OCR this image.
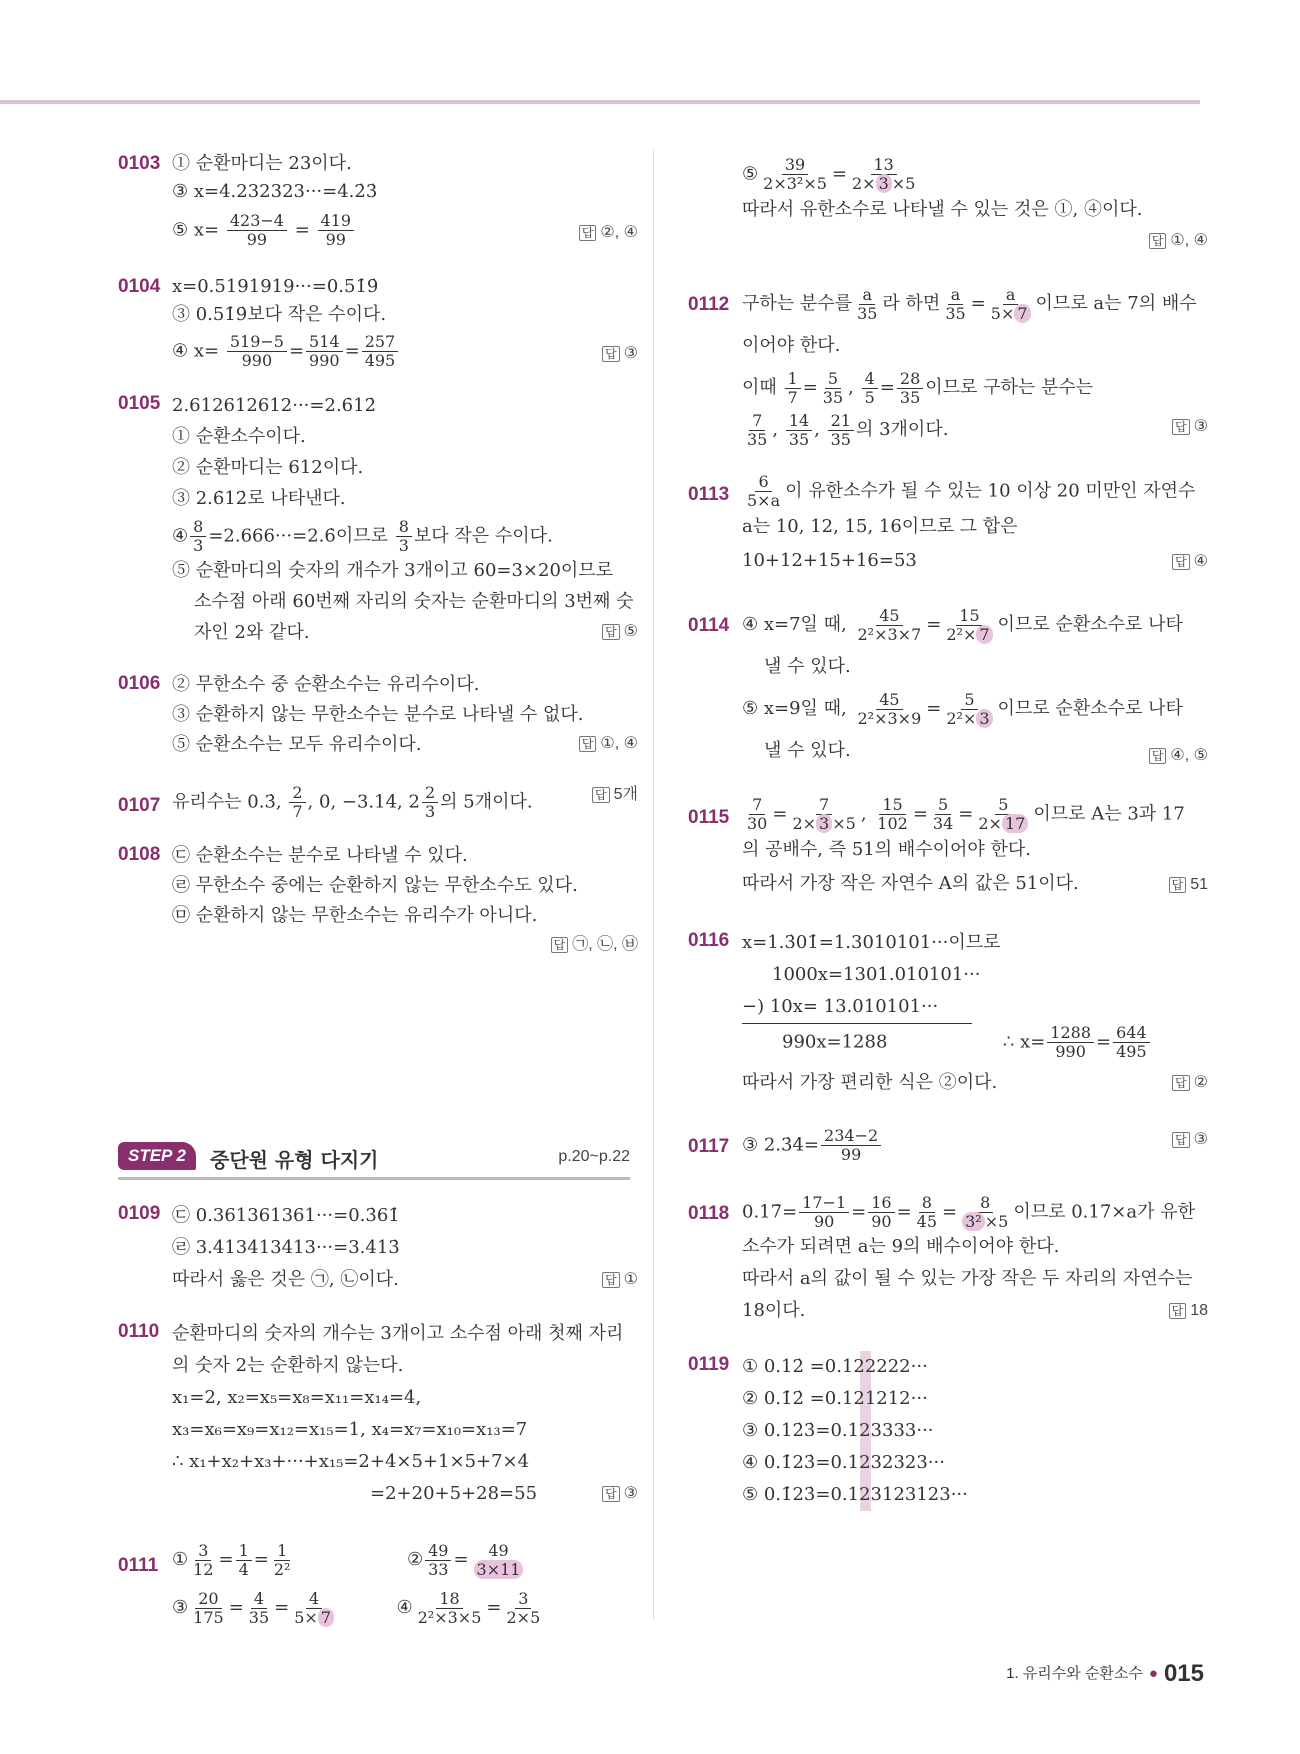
0103 ① 순환마디는 23이다.
③ x=4.232323···=4.2̇3̇
⑤ $x= \frac{423-4}{99} = \frac{419}{99}$	답 ②, ④
0104 x=0.5191919···=0.51̇9̇
③ 0.51̇9̇보다 작은 수이다.
④ $x= \frac{519-5}{990} = \frac{514}{990} = \frac{257}{495}$	답 ③
0105 2.612612612···=2.6̇12̇
① 순환소수이다.
② 순환마디는 612이다.
③ 2.6̇12̇로 나타낸다.
④ $\frac{8}{3}$ =2.666···=2.6̇이므로 $\frac{8}{3}$ 보다 작은 수이다.
⑤ 순환마디의 숫자의 개수가 3개이고 60=3×20이므로
소수점 아래 60번째 자리의 숫자는 순환마디의 3번째 숫
자인 2와 같다.	답 ⑤
0106 ② 무한소수 중 순환소수는 유리수이다.
③ 순환하지 않는 무한소수는 분수로 나타낼 수 없다.
⑤ 순환소수는 모두 유리수이다.	답 ①, ④
0107 유리수는 0.3̇, $\frac{2}{7}$ , 0, −3.14, $2 \frac{2}{3}$ 의 5개이다.	답 5개
0108 ㉢ 순환소수는 분수로 나타낼 수 있다.
㉣ 무한소수 중에는 순환하지 않는 무한소수도 있다.
㉤ 순환하지 않는 무한소수는 유리수가 아니다.
답 ㉠, ㉡, ㉥
STEP 2	중단원 유형 다지기	p.20~p.22
0109 ㉢ 0.361361361···=0.3̇61̇
㉣ 3.413413413···=3.4̇13̇
따라서 옳은 것은 ㉠, ㉡이다.	답 ①
0110 순환마디의 숫자의 개수는 3개이고 소수점 아래 첫째 자리
의 숫자 2는 순환하지 않는다.
x₁=2, x₂=x₅=x₈=x₁₁=x₁₄=4,
x₃=x₆=x₉=x₁₂=x₁₅=1, x₄=x₇=x₁₀=x₁₃=7
∴ x₁+x₂+x₃+···+x₁₅=2+4×5+1×5+7×4
=2+20+5+28=55	답 ③
0111 ① $\frac{3}{12} = \frac{1}{4} = \frac{1}{\text{2²}}$	② $\frac{49}{33} = \frac{49}{3\times 11}$
③ $\frac{20}{175} = \frac{4}{35} = \frac{4}{5\times 7}$	④ $\frac{18}{\text{2²×3×5}} = \frac{3}{2\times 5}$
⑤ $\frac{39}{\text{2×3²×5}} = \frac{13}{2\times 3 \times 5}$
따라서 유한소수로 나타낼 수 있는 것은 ①, ④이다.
답 ①, ④
0112 구하는 분수를 $\frac{a}{35}$ 라 하면 $\frac{a}{35} = \frac{a}{5\times 7}$ 이므로 a는 7의 배수
이어야 한다.
이때 $\frac{1}{7} = \frac{5}{35}$ , $\frac{4}{5} = \frac{28}{35}$ 이므로 구하는 분수는
$\frac{7}{35}$ , $\frac{14}{35}$ , $\frac{21}{35}$ 의 3개이다.	답 ③
$0113 \frac{6}{5\times a}$ 이 유한소수가 될 수 있는 10 이상 20 미만인 자연수
a는 10, 12, 15, 16이므로 그 합은
10+12+15+16=53	답 ④
0114 ④ x=7일 때, $\frac{45}{\text{2²×3×7}} = \frac{15}{\text{2²× 7}}$ 이므로 순환소수로 나타
낼 수 있다.
⑤ x=9일 때, $\frac{45}{\text{2²×3×9}} = \frac{5}{\text{2²× 3}}$ 이므로 순환소수로 나타
낼 수 있다.	답 ④, ⑤
$0115 \frac{7}{30} = \frac{7}{2\times 3 \times 5}$ , $\frac{15}{102} = \frac{5}{34} = \frac{5}{2\times 17}$ 이므로 A는 3과 17
의 공배수, 즉 51의 배수이어야 한다.
따라서 가장 작은 자연수 A의 값은 51이다.	답 51
0116 x=1.3̇01̇=1.3010101···이므로
1000x=1301.010101···
−) 10x= 13.010101···
990x=1288	∴ $x= \frac{1288}{990} = \frac{644}{495}$
따라서 가장 편리한 식은 ②이다.	답 ②
0117 ③ 2.3̇4̇= $\frac{234-2}{99}$	답 ③
0118 0.17̇= $\frac{17-1}{90} = \frac{16}{90} = \frac{8}{45} = \frac{8}{\text{3² ×5}}$ 이므로 0.17̇×a가 유한
소수가 되려면 a는 9의 배수이어야 한다.
따라서 a의 값이 될 수 있는 가장 작은 두 자리의 자연수는
18이다.	답 18
0119 ① 0.12̇ =0.122222···
② 0.1̇2̇ =0.121212···
③ 0.12̇3̇=0.123333···
④ 0.1̇23̇=0.1232323···
⑤ 0.1̇23̇=0.123123123···
1. 유리수와 순환소수 ● 015
